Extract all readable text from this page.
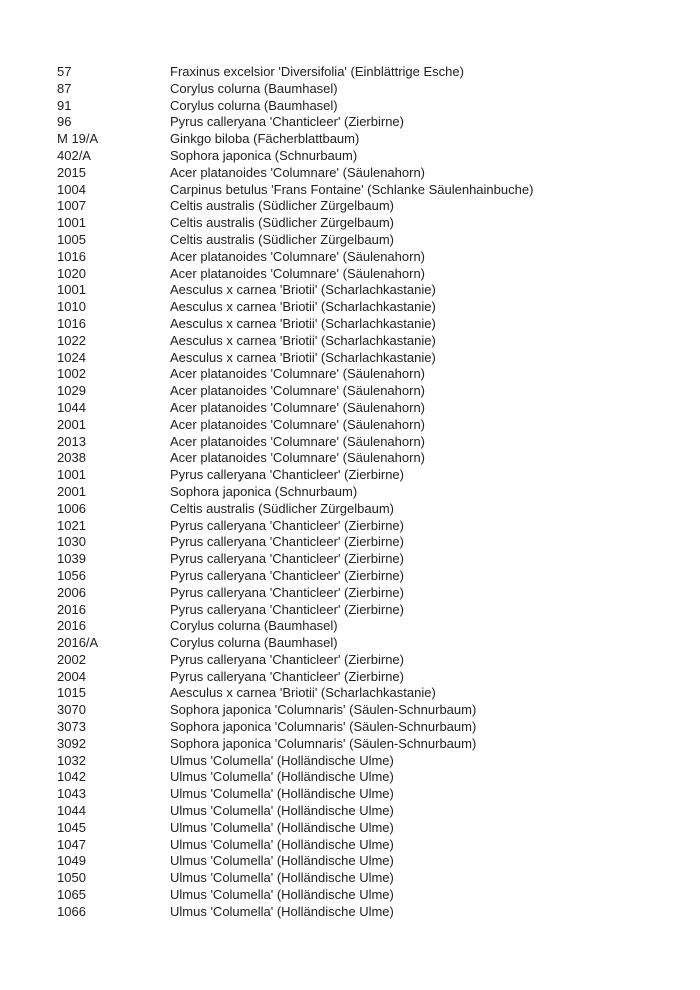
57	Fraxinus excelsior 'Diversifolia' (Einblättrige Esche)
87	Corylus colurna (Baumhasel)
91	Corylus colurna (Baumhasel)
96	Pyrus calleryana 'Chanticleer' (Zierbirne)
M 19/A	Ginkgo biloba (Fächerblattbaum)
402/A	Sophora japonica (Schnurbaum)
2015	Acer platanoides 'Columnare' (Säulenahorn)
1004	Carpinus betulus 'Frans Fontaine' (Schlanke Säulenhainbuche)
1007	Celtis australis (Südlicher Zürgelbaum)
1001	Celtis australis (Südlicher Zürgelbaum)
1005	Celtis australis (Südlicher Zürgelbaum)
1016	Acer platanoides 'Columnare' (Säulenahorn)
1020	Acer platanoides 'Columnare' (Säulenahorn)
1001	Aesculus x carnea 'Briotii' (Scharlachkastanie)
1010	Aesculus x carnea 'Briotii' (Scharlachkastanie)
1016	Aesculus x carnea 'Briotii' (Scharlachkastanie)
1022	Aesculus x carnea 'Briotii' (Scharlachkastanie)
1024	Aesculus x carnea 'Briotii' (Scharlachkastanie)
1002	Acer platanoides 'Columnare' (Säulenahorn)
1029	Acer platanoides 'Columnare' (Säulenahorn)
1044	Acer platanoides 'Columnare' (Säulenahorn)
2001	Acer platanoides 'Columnare' (Säulenahorn)
2013	Acer platanoides 'Columnare' (Säulenahorn)
2038	Acer platanoides 'Columnare' (Säulenahorn)
1001	Pyrus calleryana 'Chanticleer' (Zierbirne)
2001	Sophora japonica (Schnurbaum)
1006	Celtis australis (Südlicher Zürgelbaum)
1021	Pyrus calleryana 'Chanticleer' (Zierbirne)
1030	Pyrus calleryana 'Chanticleer' (Zierbirne)
1039	Pyrus calleryana 'Chanticleer' (Zierbirne)
1056	Pyrus calleryana 'Chanticleer' (Zierbirne)
2006	Pyrus calleryana 'Chanticleer' (Zierbirne)
2016	Pyrus calleryana 'Chanticleer' (Zierbirne)
2016	Corylus colurna (Baumhasel)
2016/A	Corylus colurna (Baumhasel)
2002	Pyrus calleryana 'Chanticleer' (Zierbirne)
2004	Pyrus calleryana 'Chanticleer' (Zierbirne)
1015	Aesculus x carnea 'Briotii' (Scharlachkastanie)
3070	Sophora japonica 'Columnaris' (Säulen-Schnurbaum)
3073	Sophora japonica 'Columnaris' (Säulen-Schnurbaum)
3092	Sophora japonica 'Columnaris' (Säulen-Schnurbaum)
1032	Ulmus 'Columella' (Holländische Ulme)
1042	Ulmus 'Columella' (Holländische Ulme)
1043	Ulmus 'Columella' (Holländische Ulme)
1044	Ulmus 'Columella' (Holländische Ulme)
1045	Ulmus 'Columella' (Holländische Ulme)
1047	Ulmus 'Columella' (Holländische Ulme)
1049	Ulmus 'Columella' (Holländische Ulme)
1050	Ulmus 'Columella' (Holländische Ulme)
1065	Ulmus 'Columella' (Holländische Ulme)
1066	Ulmus 'Columella' (Holländische Ulme)
